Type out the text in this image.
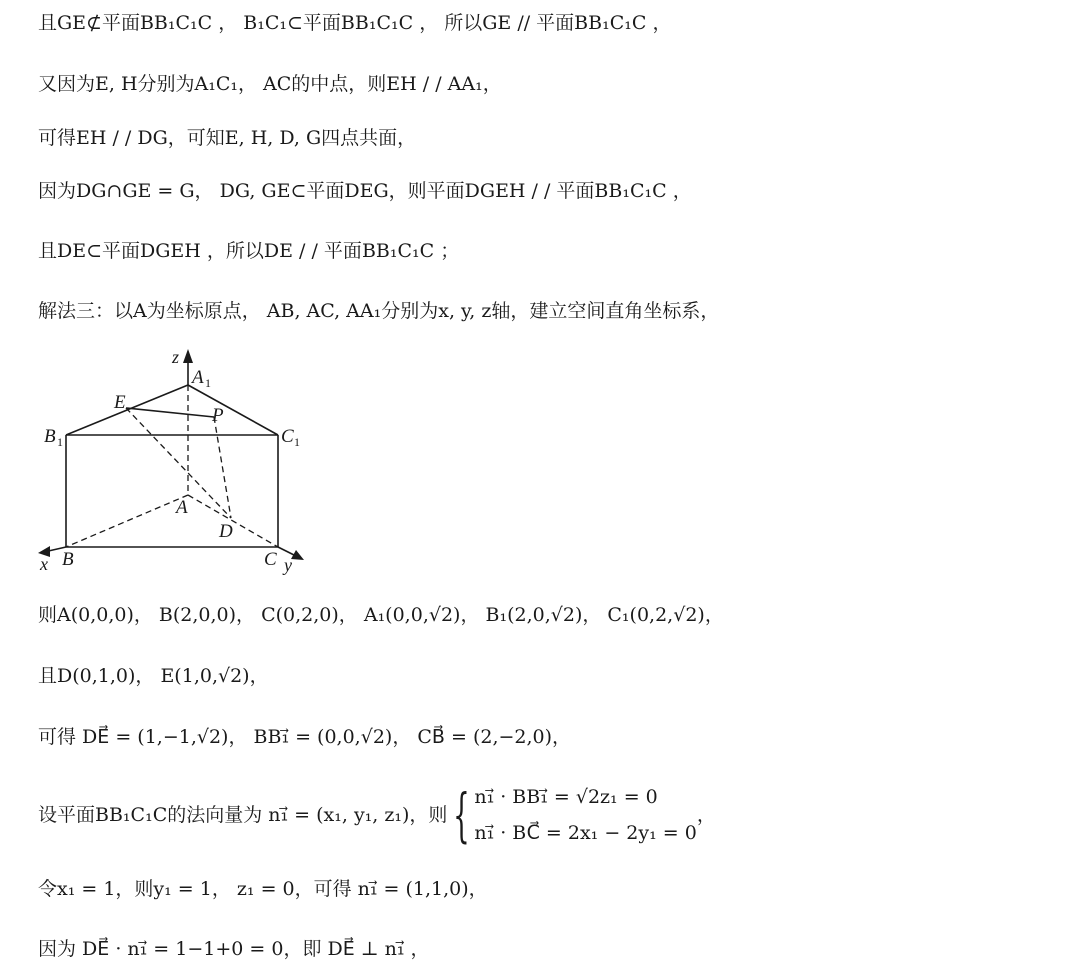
且GE⊄平面BB₁C₁C ， B₁C₁⊂平面BB₁C₁C ， 所以GE // 平面BB₁C₁C ，
又因为E, H分别为A₁C₁， AC的中点，则EH / / AA₁，
可得EH / / DG，可知E, H, D, G四点共面，
因为DG∩GE = G， DG, GE⊂平面DEG，则平面DGEH / / 平面BB₁C₁C ，
且DE⊂平面DGEH ，所以DE / / 平面BB₁C₁C ；
解法三：以A为坐标原点， AB, AC, AA₁分别为x, y, z轴，建立空间直角坐标系，
z
A 1
E
P
B 1	C 1
A
D
x B	C y
则A(0,0,0)， B(2,0,0)， C(0,2,0)， A₁(0,0,√2)， B₁(2,0,√2)， C₁(0,2,√2)，
且D(0,1,0)， E(1,0,√2)，
可得 DE⃗ = (1,−1,√2)， BB₁⃗ = (0,0,√2)， CB⃗ = (2,−2,0)，
设平面BB₁C₁C的法向量为 n₁⃗ = (x₁, y₁, z₁)，则 { n₁⃗ · BB₁⃗ = √2z₁ = 0
n₁⃗ · BC⃗ = 2x₁ − 2y₁ = 0
，
令x₁ = 1，则y₁ = 1， z₁ = 0，可得 n₁⃗ = (1,1,0)，
因为 DE⃗ · n₁⃗ = 1−1+0 = 0，即 DE⃗ ⊥ n₁⃗ ，
